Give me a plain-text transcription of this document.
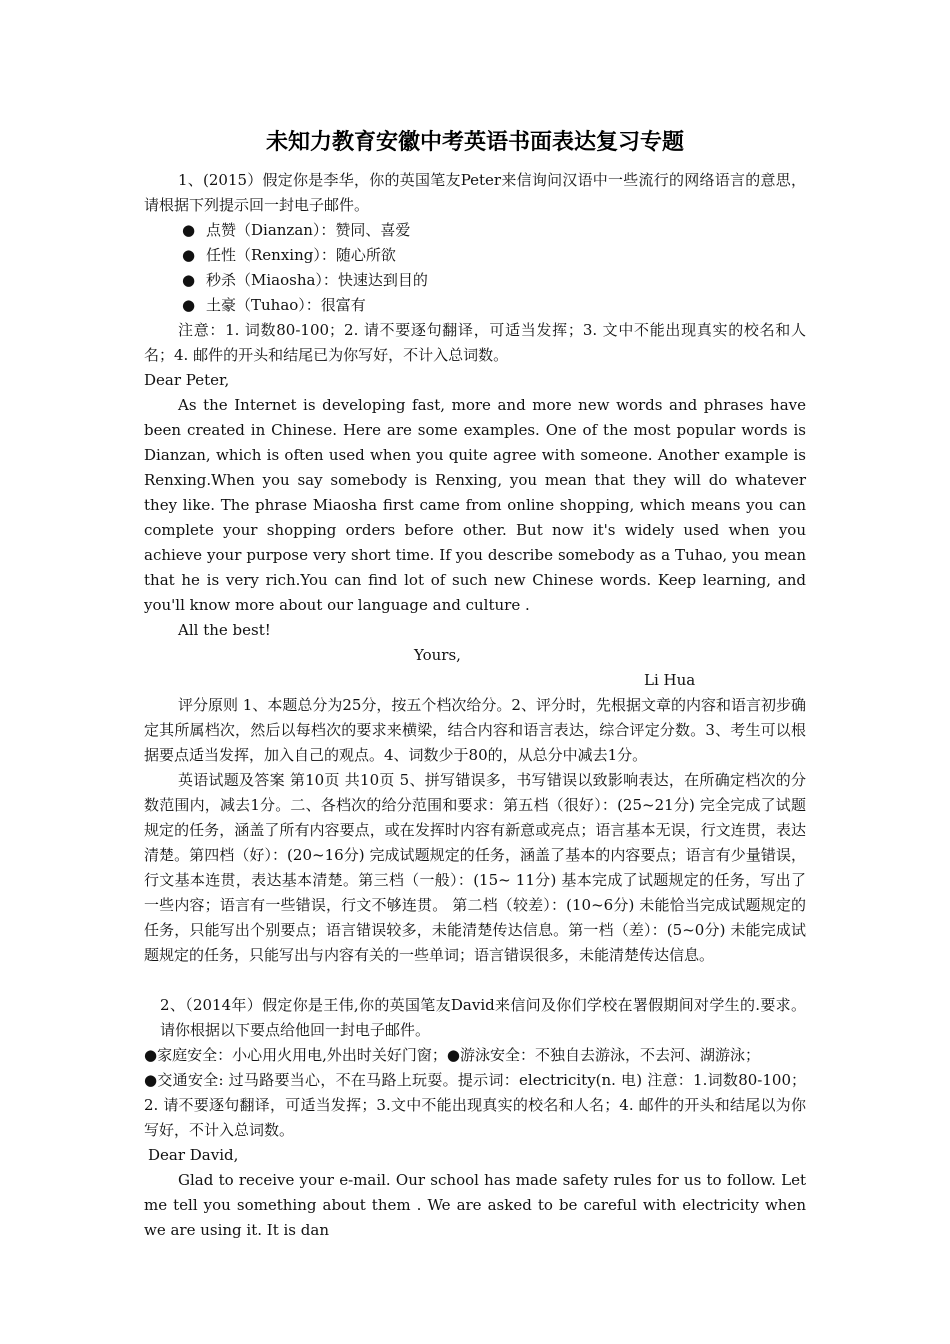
未知力教育安徽中考英语书面表达复习专题

1、(2015）假定你是李华，你的英国笔友Peter来信询问汉语中一些流行的网络语言的意思，请根据下列提示回一封电子邮件。

● 点赞（Dianzan）：赞同、喜爱

● 任性（Renxing）：随心所欲

● 秒杀（Miaosha）：快速达到目的

● 土豪（Tuhao）：很富有

注意：1. 词数80-100；2. 请不要逐句翻译，可适当发挥；3. 文中不能出现真实的校名和人名；4. 邮件的开头和结尾已为你写好，不计入总词数。

Dear Peter,

As the Internet is developing fast, more and more new words and phrases have been created in Chinese. Here are some examples. One of the most popular words is Dianzan, which is often used when you quite agree with someone. Another example is Renxing.When you say somebody is Renxing, you mean that they will do whatever they like. The phrase Miaosha first came from online shopping, which means you can complete your shopping orders before other. But now it's widely used when you achieve your purpose very short time. If you describe somebody as a Tuhao, you mean that he is very rich.You can find lot of such new Chinese words. Keep learning, and you'll know more about our language and culture .

All the best!

Yours,

Li Hua

评分原则 1、本题总分为25分，按五个档次给分。2、评分时，先根据文章的内容和语言初步确定其所属档次，然后以每档次的要求来横梁，结合内容和语言表达，综合评定分数。3、考生可以根据要点适当发挥，加入自己的观点。4、词数少于80的，从总分中减去1分。

英语试题及答案 第10页 共10页 5、拼写错误多，书写错误以致影响表达，在所确定档次的分数范围内，减去1分。二、各档次的给分范围和要求：第五档（很好）：(25~21分) 完全完成了试题规定的任务，涵盖了所有内容要点，或在发挥时内容有新意或亮点；语言基本无误，行文连贯，表达清楚。第四档（好）：(20~16分) 完成试题规定的任务，涵盖了基本的内容要点；语言有少量错误，行文基本连贯，表达基本清楚。第三档（一般）：(15~ 11分) 基本完成了试题规定的任务，写出了一些内容；语言有一些错误，行文不够连贯。 第二档（较差）：(10~6分) 未能恰当完成试题规定的任务，只能写出个别要点；语言错误较多，未能清楚传达信息。第一档（差）：(5~0分) 未能完成试题规定的任务，只能写出与内容有关的一些单词；语言错误很多，未能清楚传达信息。

2、（2014年）假定你是王伟,你的英国笔友David来信问及你们学校在署假期间对学生的.要求。请你根据以下要点给他回一封电子邮件。

●家庭安全：小心用火用电,外出时关好门窗；●游泳安全：不独自去游泳，不去河、湖游泳；

●交通安全: 过马路要当心，不在马路上玩耍。提示词：electricity(n. 电) 注意：1.词数80-100；2. 请不要逐句翻译，可适当发挥；3.文中不能出现真实的校名和人名；4. 邮件的开头和结尾以为你写好，不计入总词数。

Dear David,

Glad to receive your e-mail. Our school has made safety rules for us to follow. Let me tell you something about them . We are asked to be careful with electricity when we are using it. It is dan
